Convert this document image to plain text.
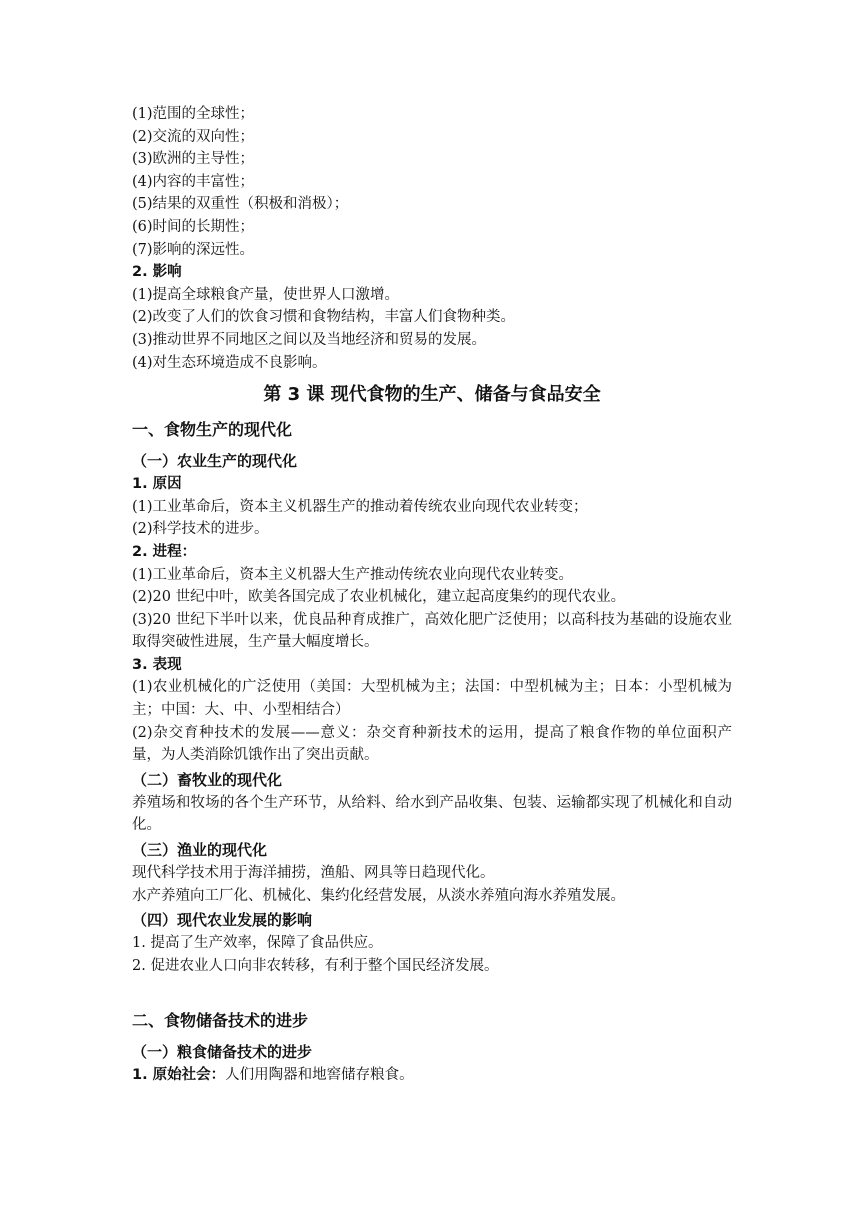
(1)范围的全球性；
(2)交流的双向性；
(3)欧洲的主导性；
(4)内容的丰富性；
(5)结果的双重性（积极和消极）；
(6)时间的长期性；
(7)影响的深远性。
2. 影响
(1)提高全球粮食产量，使世界人口激增。
(2)改变了人们的饮食习惯和食物结构，丰富人们食物种类。
(3)推动世界不同地区之间以及当地经济和贸易的发展。
(4)对生态环境造成不良影响。
第 3 课 现代食物的生产、储备与食品安全
一、食物生产的现代化
（一）农业生产的现代化
1. 原因
(1)工业革命后，资本主义机器生产的推动着传统农业向现代农业转变；
(2)科学技术的进步。
2. 进程：
(1)工业革命后，资本主义机器大生产推动传统农业向现代农业转变。
(2)20 世纪中叶，欧美各国完成了农业机械化，建立起高度集约的现代农业。
(3)20 世纪下半叶以来，优良品种育成推广，高效化肥广泛使用；以高科技为基础的设施农业取得突破性进展，生产量大幅度增长。
3. 表现
(1)农业机械化的广泛使用（美国：大型机械为主；法国：中型机械为主；日本：小型机械为主；中国：大、中、小型相结合）
(2)杂交育种技术的发展——意义：杂交育种新技术的运用，提高了粮食作物的单位面积产量，为人类消除饥饿作出了突出贡献。
（二）畜牧业的现代化
养殖场和牧场的各个生产环节，从给料、给水到产品收集、包装、运输都实现了机械化和自动化。
（三）渔业的现代化
现代科学技术用于海洋捕捞，渔船、网具等日趋现代化。
水产养殖向工厂化、机械化、集约化经营发展，从淡水养殖向海水养殖发展。
（四）现代农业发展的影响
1. 提高了生产效率，保障了食品供应。
2. 促进农业人口向非农转移，有利于整个国民经济发展。
二、食物储备技术的进步
（一）粮食储备技术的进步
1. 原始社会：人们用陶器和地窖储存粮食。
